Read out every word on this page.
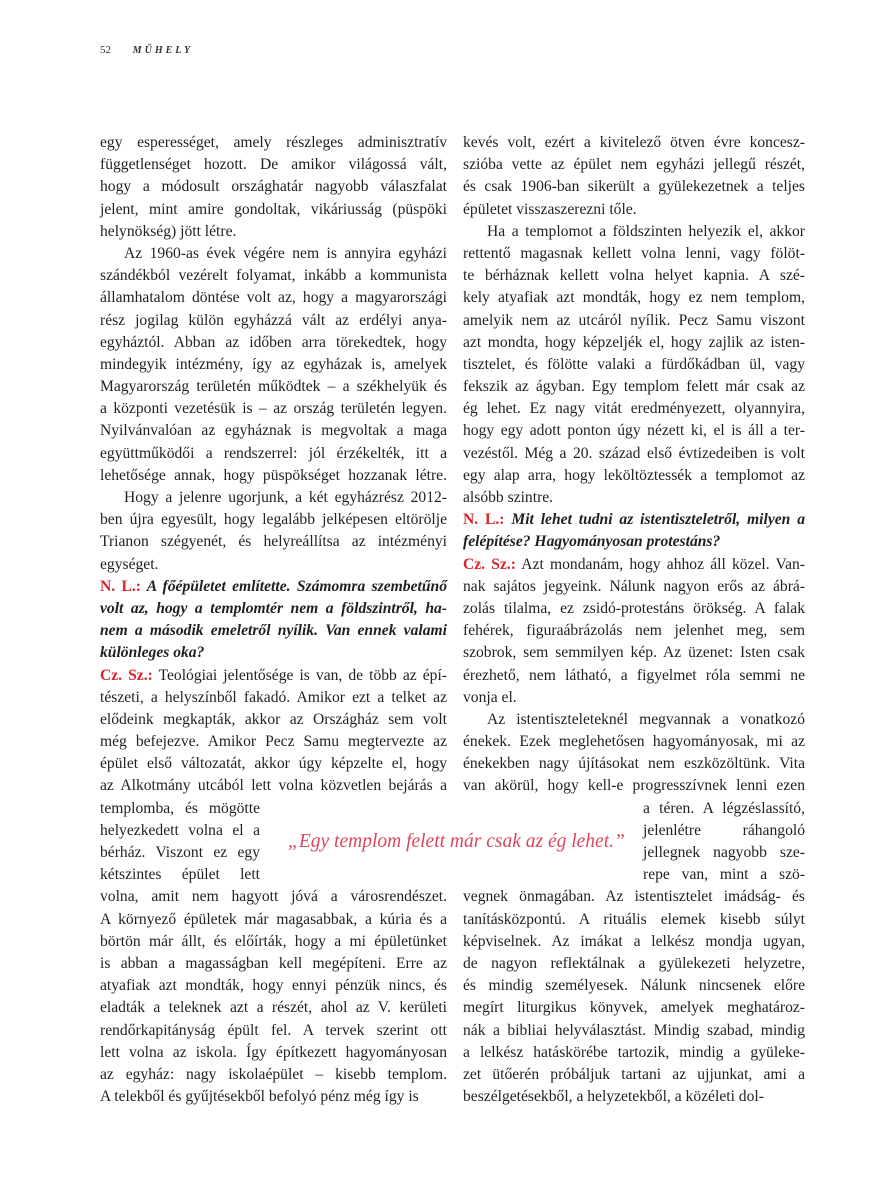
52 MŰHELY
egy esperességet, amely részleges adminisztratív
függetlenséget hozott. De amikor világossá vált,
hogy a módosult országhatár nagyobb válaszfalat
jelent, mint amire gondoltak, vikáriusság (püspöki
helynökség) jött létre.
Az 1960-as évek végére nem is annyira egyházi
szándékból vezérelt folyamat, inkább a kommunista
államhatalom döntése volt az, hogy a magyarországi
rész jogilag külön egyházzá vált az erdélyi anya-
egyháztól. Abban az időben arra törekedtek, hogy
mindegyik intézmény, így az egyházak is, amelyek
Magyarország területén működtek – a székhelyük és
a központi vezetésük is – az ország területén legyen.
Nyilvánvalóan az egyháznak is megvoltak a maga
együttműködői a rendszerrel: jól érzékelték, itt a
lehetősége annak, hogy püspökséget hozzanak létre.
Hogy a jelenre ugorjunk, a két egyházrész 2012-
ben újra egyesült, hogy legalább jelképesen eltörölje
Trianon szégyenét, és helyreállítsa az intézményi
egységet.
N. L.: A főépületet említette. Számomra szembetűnő
volt az, hogy a templomtér nem a földszintről, ha-
nem a második emeletről nyílik. Van ennek valami
különleges oka?
Cz. Sz.: Teológiai jelentősége is van, de több az épí-
tészeti, a helyszínből fakadó. Amikor ezt a telket az
elődeink megkapták, akkor az Országház sem volt
még befejezve. Amikor Pecz Samu megtervezte az
épület első változatát, akkor úgy képzelte el, hogy
az Alkotmány utcából lett volna közvetlen bejárás a
templomba, és mögötte
helyezkedett volna el a
bérház. Viszont ez egy
kétszintes épület lett
volna, amit nem hagyott jóvá a városrendészet.
A környező épületek már magasabbak, a kúria és a
börtön már állt, és előírták, hogy a mi épületünket
is abban a magasságban kell megépíteni. Erre az
atyafiak azt mondták, hogy ennyi pénzük nincs, és
eladták a teleknek azt a részét, ahol az V. kerületi
rendőrkapitányság épült fel. A tervek szerint ott
lett volna az iskola. Így építkezett hagyományosan
az egyház: nagy iskolaépület – kisebb templom.
A telekből és gyűjtésekből befolyó pénz még így is
kevés volt, ezért a kivitelező ötven évre koncesz-
szióba vette az épület nem egyházi jellegű részét,
és csak 1906-ban sikerült a gyülekezetnek a teljes
épületet visszaszerezni tőle.
Ha a templomot a földszinten helyezik el, akkor
rettentő magasnak kellett volna lenni, vagy fölöt-
te bérháznak kellett volna helyet kapnia. A szé-
kely atyafiak azt mondták, hogy ez nem templom,
amelyik nem az utcáról nyílik. Pecz Samu viszont
azt mondta, hogy képzeljék el, hogy zajlik az isten-
tisztelet, és fölötte valaki a fürdőkádban ül, vagy
fekszik az ágyban. Egy templom felett már csak az
ég lehet. Ez nagy vitát eredményezett, olyannyira,
hogy egy adott ponton úgy nézett ki, el is áll a ter-
vezéstől. Még a 20. század első évtizedeiben is volt
egy alap arra, hogy leköltöztessék a templomot az
alsóbb szintre.
N. L.: Mit lehet tudni az istentiszteletről, milyen a
felépítése? Hagyományosan protestáns?
Cz. Sz.: Azt mondanám, hogy ahhoz áll közel. Van-
nak sajátos jegyeink. Nálunk nagyon erős az ábrá-
zolás tilalma, ez zsidó-protestáns örökség. A falak
fehérek, figuraábrázolás nem jelenhet meg, sem
szobrok, sem semmilyen kép. Az üzenet: Isten csak
érezhető, nem látható, a figyelmet róla semmi ne
vonja el.
Az istentiszteleteknél megvannak a vonatkozó
énekek. Ezek meglehetősen hagyományosak, mi az
énekekben nagy újításokat nem eszközöltünk. Vita
van akörül, hogy kell-e progresszívnek lenni ezen
a téren. A légzéslassító,
jelenlétre ráhangoló
jellegnek nagyobb sze-
repe van, mint a szö-
vegnek önmagában. Az istentisztelet imádság- és
tanításközpontú. A rituális elemek kisebb súlyt
képviselnek. Az imákat a lelkész mondja ugyan,
de nagyon reflektálnak a gyülekezeti helyzetre,
és mindig személyesek. Nálunk nincsenek előre
megírt liturgikus könyvek, amelyek meghatároz-
nák a bibliai helyválasztást. Mindig szabad, mindig
a lelkész hatáskörébe tartozik, mindig a gyüleke-
zet ütőerén próbáljuk tartani az ujjunkat, ami a
beszélgetésekből, a helyzetekből, a közéleti dol-
„Egy templom felett már csak az ég lehet.”
